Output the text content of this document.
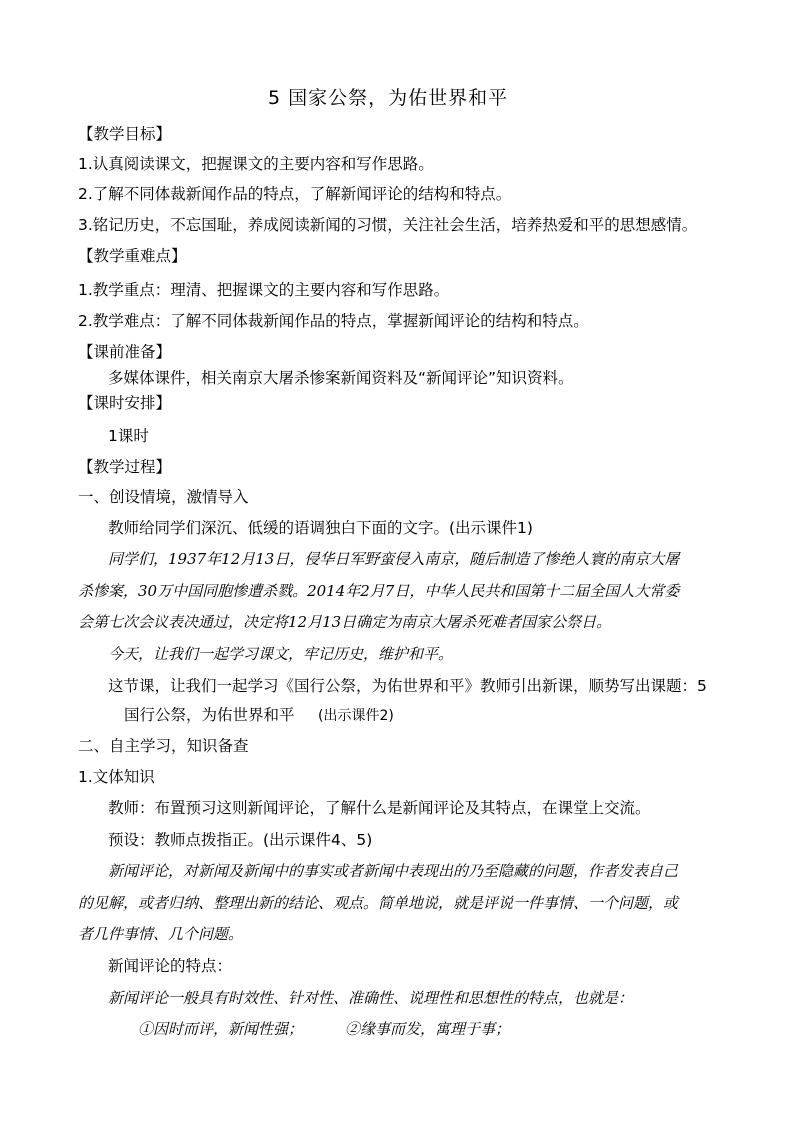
5 国家公祭，为佑世界和平
【教学目标】
1.认真阅读课文，把握课文的主要内容和写作思路。
2.了解不同体裁新闻作品的特点，了解新闻评论的结构和特点。
3.铭记历史，不忘国耻，养成阅读新闻的习惯，关注社会生活，培养热爱和平的思想感情。
【教学重难点】
1.教学重点：理清、把握课文的主要内容和写作思路。
2.教学难点：了解不同体裁新闻作品的特点，掌握新闻评论的结构和特点。
【课前准备】
多媒体课件，相关南京大屠杀惨案新闻资料及“新闻评论”知识资料。
【课时安排】
1课时
【教学过程】
一、创设情境，激情导入
教师给同学们深沉、低缓的语调独白下面的文字。(出示课件1)
同学们，1937年12月13日，侵华日军野蛮侵入南京，随后制造了惨绝人寰的南京大屠
杀惨案，30万中国同胞惨遭杀戮。2014年2月7日，中华人民共和国第十二届全国人大常委
会第七次会议表决通过，决定将12月13日确定为南京大屠杀死难者国家公祭日。
今天，让我们一起学习课文，牢记历史，维护和平。
这节课，让我们一起学习《国行公祭，为佑世界和平》教师引出新课，顺势写出课题：5
国行公祭，为佑世界和平 (出示课件2)
二、自主学习，知识备查
1.文体知识
教师：布置预习这则新闻评论，了解什么是新闻评论及其特点，在课堂上交流。
预设：教师点拨指正。(出示课件4、5)
新闻评论，对新闻及新闻中的事实或者新闻中表现出的乃至隐藏的问题，作者发表自己
的见解，或者归纳、整理出新的结论、观点。简单地说，就是评说一件事情、一个问题，或
者几件事情、几个问题。
新闻评论的特点：
新闻评论一般具有时效性、针对性、准确性、说理性和思想性的特点，也就是：
①因时而评，新闻性强；	②缘事而发，寓理于事；
